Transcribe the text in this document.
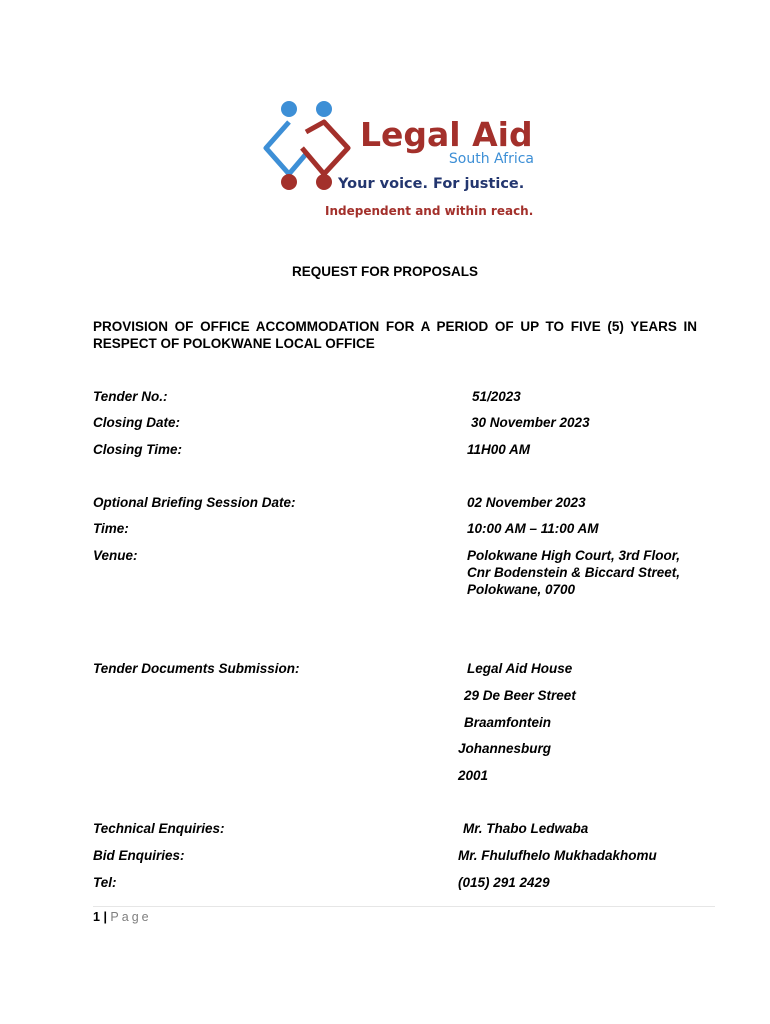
Legal Aid
South Africa
Your voice. For justice.
Independent and within reach.
REQUEST FOR PROPOSALS
PROVISION OF OFFICE ACCOMMODATION FOR A PERIOD OF UP TO FIVE (5) YEARS IN RESPECT OF POLOKWANE LOCAL OFFICE
Tender No.:	51/2023
Closing Date:	30 November 2023
Closing Time:	11H00 AM
Optional Briefing Session Date:	02 November 2023
Time:	10:00 AM – 11:00 AM
Venue:	Polokwane High Court, 3rd Floor,
Cnr Bodenstein & Biccard Street,
Polokwane, 0700
Tender Documents Submission:	Legal Aid House
29 De Beer Street
Braamfontein
Johannesburg
2001
Technical Enquiries:	Mr. Thabo Ledwaba
Bid Enquiries:	Mr. Fhulufhelo Mukhadakhomu
Tel:	(015) 291 2429
1 | Page
